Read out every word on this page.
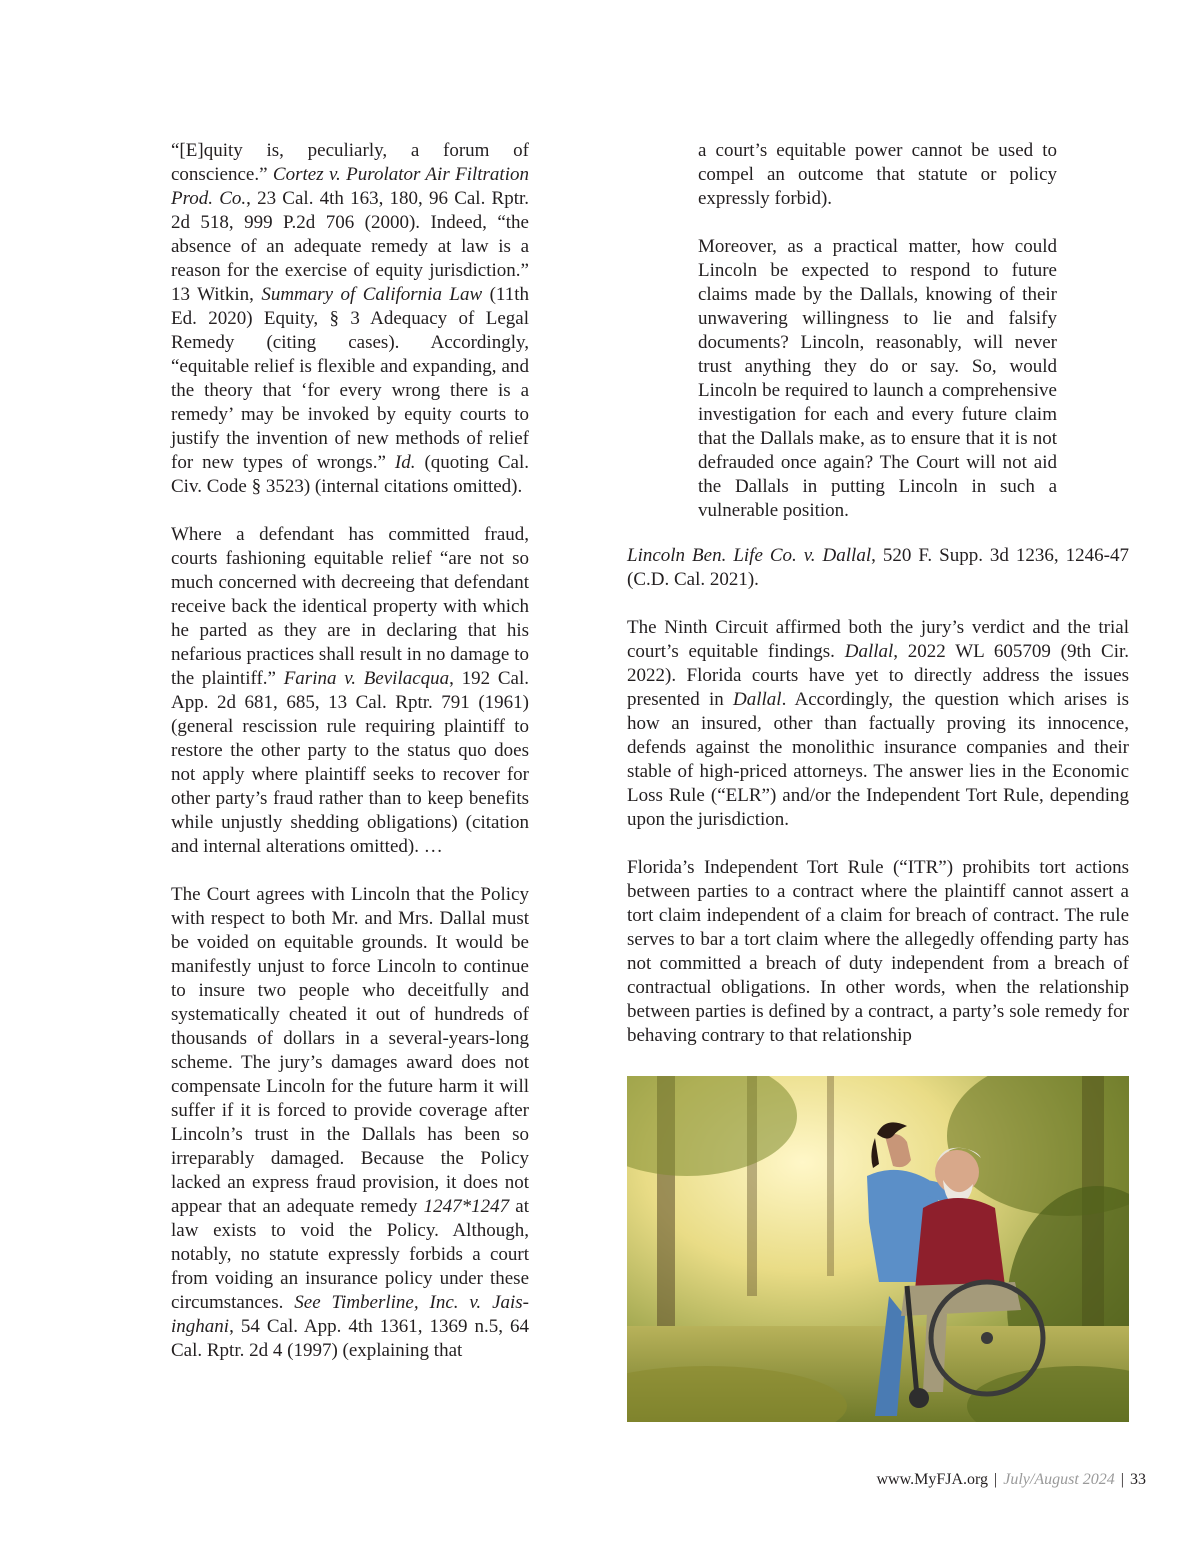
“[E]quity is, peculiarly, a forum of conscience.” Cortez v. Purolator Air Filtration Prod. Co., 23 Cal. 4th 163, 180, 96 Cal. Rptr. 2d 518, 999 P.2d 706 (2000). Indeed, “the absence of an adequate remedy at law is a reason for the exercise of equity jurisdiction.” 13 Witkin, Summary of California Law (11th Ed. 2020) Equity, § 3 Adequacy of Legal Remedy (citing cases). Accordingly, “equitable relief is flexible and expanding, and the theory that ‘for every wrong there is a remedy’ may be invoked by equity courts to justify the invention of new methods of relief for new types of wrongs.” Id. (quoting Cal. Civ. Code § 3523) (internal citations omitted).

Where a defendant has committed fraud, courts fashioning equitable relief “are not so much concerned with decreeing that defendant receive back the identical property with which he parted as they are in declaring that his nefarious practices shall result in no damage to the plaintiff.” Farina v. Bevilacqua, 192 Cal. App. 2d 681, 685, 13 Cal. Rptr. 791 (1961) (general rescission rule requiring plaintiff to restore the other party to the status quo does not apply where plaintiff seeks to recover for other party’s fraud rather than to keep benefits while unjustly shedding obligations) (citation and internal alterations omitted). …

The Court agrees with Lincoln that the Policy with respect to both Mr. and Mrs. Dallal must be voided on equitable grounds. It would be manifestly unjust to force Lincoln to continue to insure two people who deceitfully and systematically cheated it out of hundreds of thousands of dollars in a several-years-long scheme. The jury’s damages award does not compensate Lincoln for the future harm it will suffer if it is forced to provide coverage after Lincoln’s trust in the Dallals has been so irreparably damaged. Because the Policy lacked an express fraud provision, it does not appear that an adequate remedy 1247*1247 at law exists to void the Policy. Although, notably, no statute expressly forbids a court from voiding an insurance policy under these circumstances. See Timberline, Inc. v. Jaisinghani, 54 Cal. App. 4th 1361, 1369 n.5, 64 Cal. Rptr. 2d 4 (1997) (explaining that

a court’s equitable power cannot be used to compel an outcome that statute or policy expressly forbid).

Moreover, as a practical matter, how could Lincoln be expected to respond to future claims made by the Dallals, knowing of their unwavering willingness to lie and falsify documents? Lincoln, reasonably, will never trust anything they do or say. So, would Lincoln be required to launch a comprehensive investigation for each and every future claim that the Dallals make, as to ensure that it is not defrauded once again? The Court will not aid the Dallals in putting Lincoln in such a vulnerable position.

Lincoln Ben. Life Co. v. Dallal, 520 F. Supp. 3d 1236, 1246-47 (C.D. Cal. 2021).

The Ninth Circuit affirmed both the jury’s verdict and the trial court’s equitable findings. Dallal, 2022 WL 605709 (9th Cir. 2022). Florida courts have yet to directly address the issues presented in Dallal. Accordingly, the question which arises is how an insured, other than factually proving its innocence, defends against the monolithic insurance companies and their stable of high-priced attorneys. The answer lies in the Economic Loss Rule (“ELR”) and/or the Independent Tort Rule, depending upon the jurisdiction.

Florida’s Independent Tort Rule (“ITR”) prohibits tort actions between parties to a contract where the plaintiff cannot assert a tort claim independent of a claim for breach of contract. The rule serves to bar a tort claim where the allegedly offending party has not committed a breach of duty independent from a breach of contractual obligations. In other words, when the relationship between parties is defined by a contract, a party’s sole remedy for behaving contrary to that relationship

www.MyFJA.org | July/August 2024 | 33
